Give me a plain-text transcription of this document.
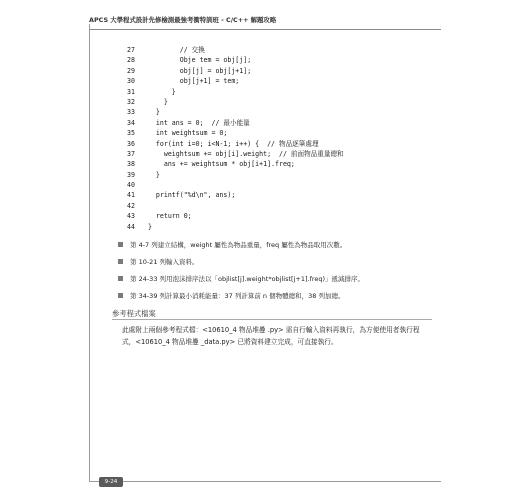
APCS 大學程式設計先修檢測最強考衝特訓班 - C/C++ 解題攻略
27	// 交換
28	Obje tem = obj[j];
29	obj[j] = obj[j+1];
30	obj[j+1] = tem;
31	}
32	}
33	}
34	int ans = 0;  // 最小能量
35	int weightsum = 0;
36	for(int i=0; i<N-1; i++) {  // 物品逐筆處理
37	weightsum += obj[i].weight;  // 前面物品重量總和
38	ans += weightsum * obj[i+1].freq;
39	}
40
41	printf("%d\n", ans);
42
43	return 0;
44	}
第 4-7 列建立結構，weight 屬性為物品重量，freq 屬性為物品取用次數。
第 10-21 列輸入資料。
第 24-33 列用泡沫排序法以「objlist[j].weight*objlist[j+1].freq)」遞減排序。
第 34-39 列計算最小消耗能量：37 列計算前 n 個物體總和，38 列加總。
參考程式檔案
此處附上兩個參考程式檔：<10610_4 物品堆疊 .py> 需自行輸入資料再執行，為方便使用者執行程式，<10610_4 物品堆疊 _data.py> 已將資料建立完成，可直接執行。
9-24
